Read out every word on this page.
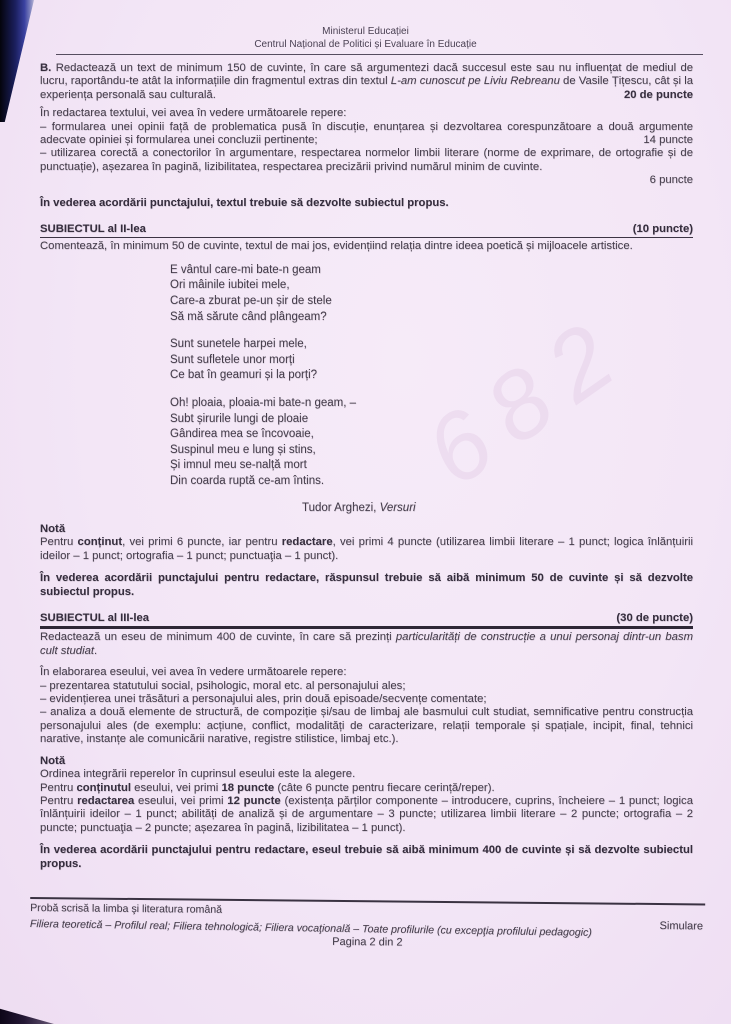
682
Ministerul Educației
Centrul Național de Politici și Evaluare în Educație

B. Redactează un text de minimum 150 de cuvinte, în care să argumentezi dacă succesul este sau nu influențat de mediul de lucru, raportându-te atât la informațiile din fragmentul extras din textul L-am cunoscut pe Liviu Rebreanu de Vasile Țițescu, cât și la experiența personală sau culturală.	20 de puncte

În redactarea textului, vei avea în vedere următoarele repere:

– formularea unei opinii față de problematica pusă în discuție, enunțarea și dezvoltarea corespunzătoare a două argumente adecvate opiniei și formularea unei concluzii pertinente;	14 puncte

– utilizarea corectă a conectorilor în argumentare, respectarea normelor limbii literare (norme de exprimare, de ortografie și de punctuație), așezarea în pagină, lizibilitatea, respectarea precizării privind numărul minim de cuvinte.

6 puncte

În vederea acordării punctajului, textul trebuie să dezvolte subiectul propus.

SUBIECTUL al II-lea	(10 puncte)

Comentează, în minimum 50 de cuvinte, textul de mai jos, evidențiind relația dintre ideea poetică și mijloacele artistice.

E vântul care-mi bate-n geam
Ori mâinile iubitei mele,
Care-a zburat pe-un șir de stele
Să mă sărute când plângeam?
Sunt sunetele harpei mele,
Sunt sufletele unor morți
Ce bat în geamuri și la porți?
Oh! ploaia, ploaia-mi bate-n geam, –
Subt șirurile lungi de ploaie
Gândirea mea se încovoaie,
Suspinul meu e lung și stins,
Și imnul meu se-nalță mort
Din coarda ruptă ce-am întins.

Tudor Arghezi, Versuri

Notă

Pentru conținut, vei primi 6 puncte, iar pentru redactare, vei primi 4 puncte (utilizarea limbii literare – 1 punct; logica înlănțuirii ideilor – 1 punct; ortografia – 1 punct; punctuaţia – 1 punct).

În vederea acordării punctajului pentru redactare, răspunsul trebuie să aibă minimum 50 de cuvinte și să dezvolte subiectul propus.

SUBIECTUL al III-lea	(30 de puncte)

Redactează un eseu de minimum 400 de cuvinte, în care să prezinți particularități de construcție a unui personaj dintr-un basm cult studiat.

În elaborarea eseului, vei avea în vedere următoarele repere:

– prezentarea statutului social, psihologic, moral etc. al personajului ales;

– evidențierea unei trăsături a personajului ales, prin două episoade/secvențe comentate;

– analiza a două elemente de structură, de compoziție și/sau de limbaj ale basmului cult studiat, semnificative pentru construcția personajului ales (de exemplu: acțiune, conflict, modalități de caracterizare, relații temporale și spațiale, incipit, final, tehnici narative, instanțe ale comunicării narative, registre stilistice, limbaj etc.).

Notă

Ordinea integrării reperelor în cuprinsul eseului este la alegere.

Pentru conținutul eseului, vei primi 18 puncte (câte 6 puncte pentru fiecare cerință/reper).

Pentru redactarea eseului, vei primi 12 puncte (existența părților componente – introducere, cuprins, încheiere – 1 punct; logica înlănțuirii ideilor – 1 punct; abilități de analiză și de argumentare – 3 puncte; utilizarea limbii literare – 2 puncte; ortografia – 2 puncte; punctuaţia – 2 puncte; așezarea în pagină, lizibilitatea – 1 punct).

În vederea acordării punctajului pentru redactare, eseul trebuie să aibă minimum 400 de cuvinte și să dezvolte subiectul propus.

Probă scrisă la limba şi literatura română
Simulare
Filiera teoretică – Profilul real; Filiera tehnologică; Filiera vocaţională – Toate profilurile (cu excepţia profilului pedagogic)
Pagina 2 din 2
